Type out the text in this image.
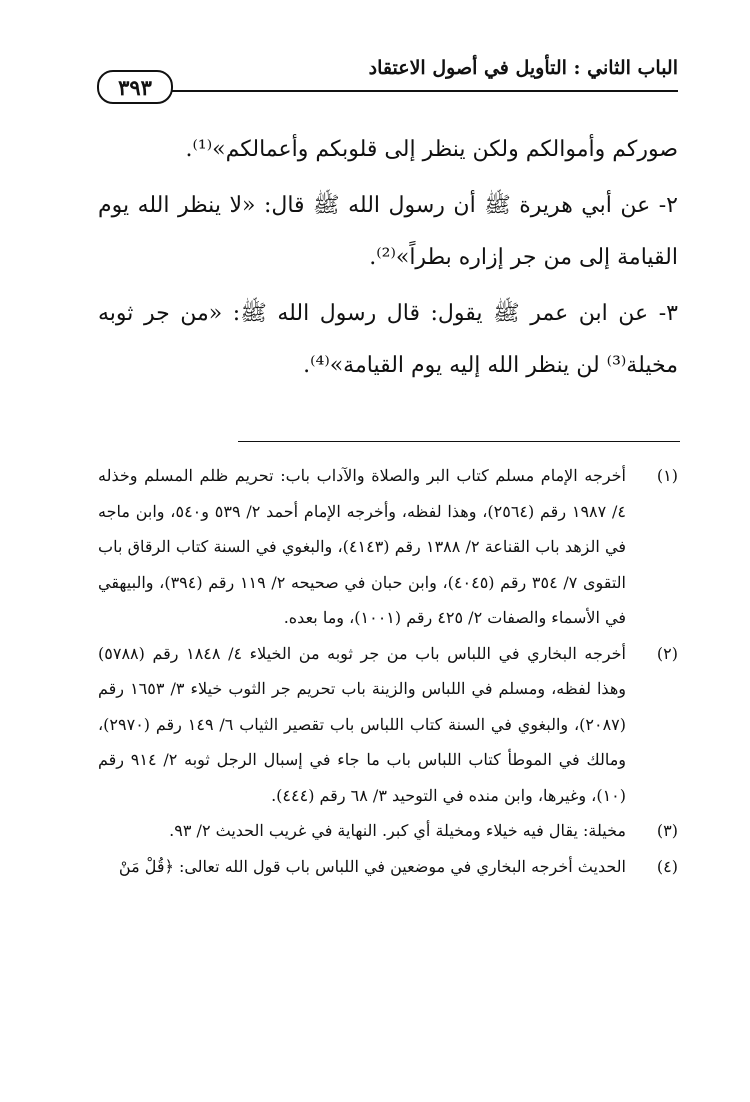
الباب الثاني : التأويل في أصول الاعتقاد
٣٩٣

صوركم وأموالكم ولكن ينظر إلى قلوبكم وأعمالكم»⁽¹⁾.

٢- عن أبي هريرة ﷺ أن رسول الله ﷺ قال: «لا ينظر الله يوم القيامة إلى من جر إزاره بطراً»⁽²⁾.

٣- عن ابن عمر ﷺ يقول: قال رسول الله ﷺ: «من جر ثوبه مخيلة⁽³⁾ لن ينظر الله إليه يوم القيامة»⁽⁴⁾.

(١)
أخرجه الإمام مسلم كتاب البر والصلاة والآداب باب: تحريم ظلم المسلم وخذله ٤/ ١٩٨٧ رقم (٢٥٦٤)، وهذا لفظه، وأخرجه الإمام أحمد ٢/ ٥٣٩ و٥٤٠، وابن ماجه في الزهد باب القناعة ٢/ ١٣٨٨ رقم (٤١٤٣)، والبغوي في السنة كتاب الرقاق باب التقوى ٧/ ٣٥٤ رقم (٤٠٤٥)، وابن حبان في صحيحه ٢/ ١١٩ رقم (٣٩٤)، والبيهقي في الأسماء والصفات ٢/ ٤٢٥ رقم (١٠٠١)، وما بعده.
(٢)
أخرجه البخاري في اللباس باب من جر ثوبه من الخيلاء ٤/ ١٨٤٨ رقم (٥٧٨٨) وهذا لفظه، ومسلم في اللباس والزينة باب تحريم جر الثوب خيلاء ٣/ ١٦٥٣ رقم (٢٠٨٧)، والبغوي في السنة كتاب اللباس باب تقصير الثياب ٦/ ١٤٩ رقم (٢٩٧٠)، ومالك في الموطأ كتاب اللباس باب ما جاء في إسبال الرجل ثوبه ٢/ ٩١٤ رقم (١٠)، وغيرها، وابن منده في التوحيد ٣/ ٦٨ رقم (٤٤٤).
(٣)
مخيلة: يقال فيه خيلاء ومخيلة أي كبر. النهاية في غريب الحديث ٢/ ٩٣.
(٤)
الحديث أخرجه البخاري في موضعين في اللباس باب قول الله تعالى: ﴿قُلْ مَنْ
